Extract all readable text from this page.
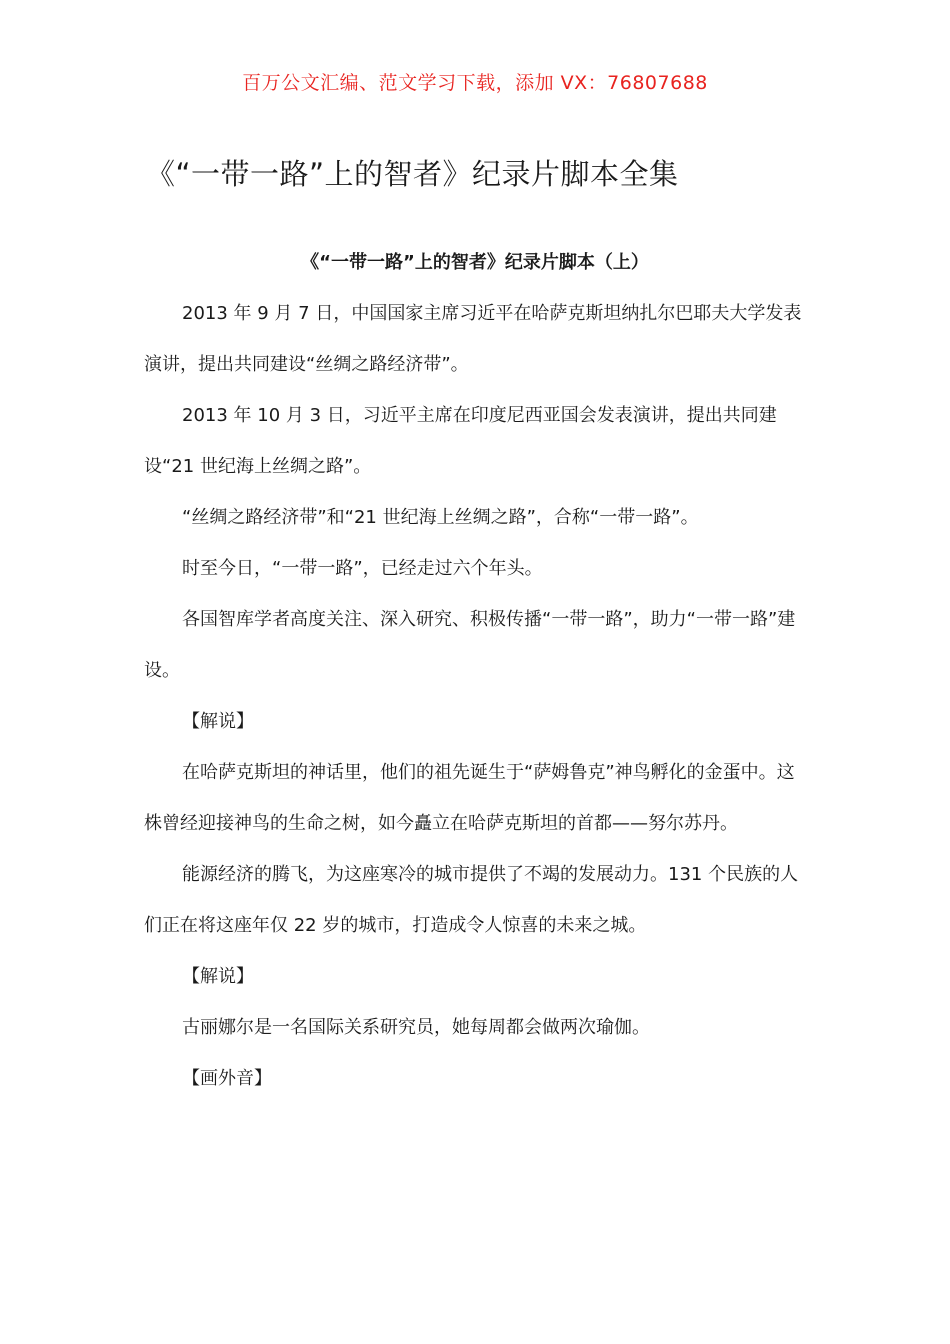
百万公文汇编、范文学习下载，添加 VX：76807688
《“一带一路”上的智者》纪录片脚本全集
《“一带一路”上的智者》纪录片脚本（上）

2013 年 9 月 7 日，中国国家主席习近平在哈萨克斯坦纳扎尔巴耶夫大学发表演讲，提出共同建设“丝绸之路经济带”。

2013 年 10 月 3 日，习近平主席在印度尼西亚国会发表演讲，提出共同建设“21 世纪海上丝绸之路”。

“丝绸之路经济带”和“21 世纪海上丝绸之路”，合称“一带一路”。

时至今日，“一带一路”，已经走过六个年头。

各国智库学者高度关注、深入研究、积极传播“一带一路”，助力“一带一路”建设。

【解说】

在哈萨克斯坦的神话里，他们的祖先诞生于“萨姆鲁克”神鸟孵化的金蛋中。这株曾经迎接神鸟的生命之树，如今矗立在哈萨克斯坦的首都——努尔苏丹。

能源经济的腾飞，为这座寒冷的城市提供了不竭的发展动力。131 个民族的人们正在将这座年仅 22 岁的城市，打造成令人惊喜的未来之城。

【解说】

古丽娜尔是一名国际关系研究员，她每周都会做两次瑜伽。

【画外音】
